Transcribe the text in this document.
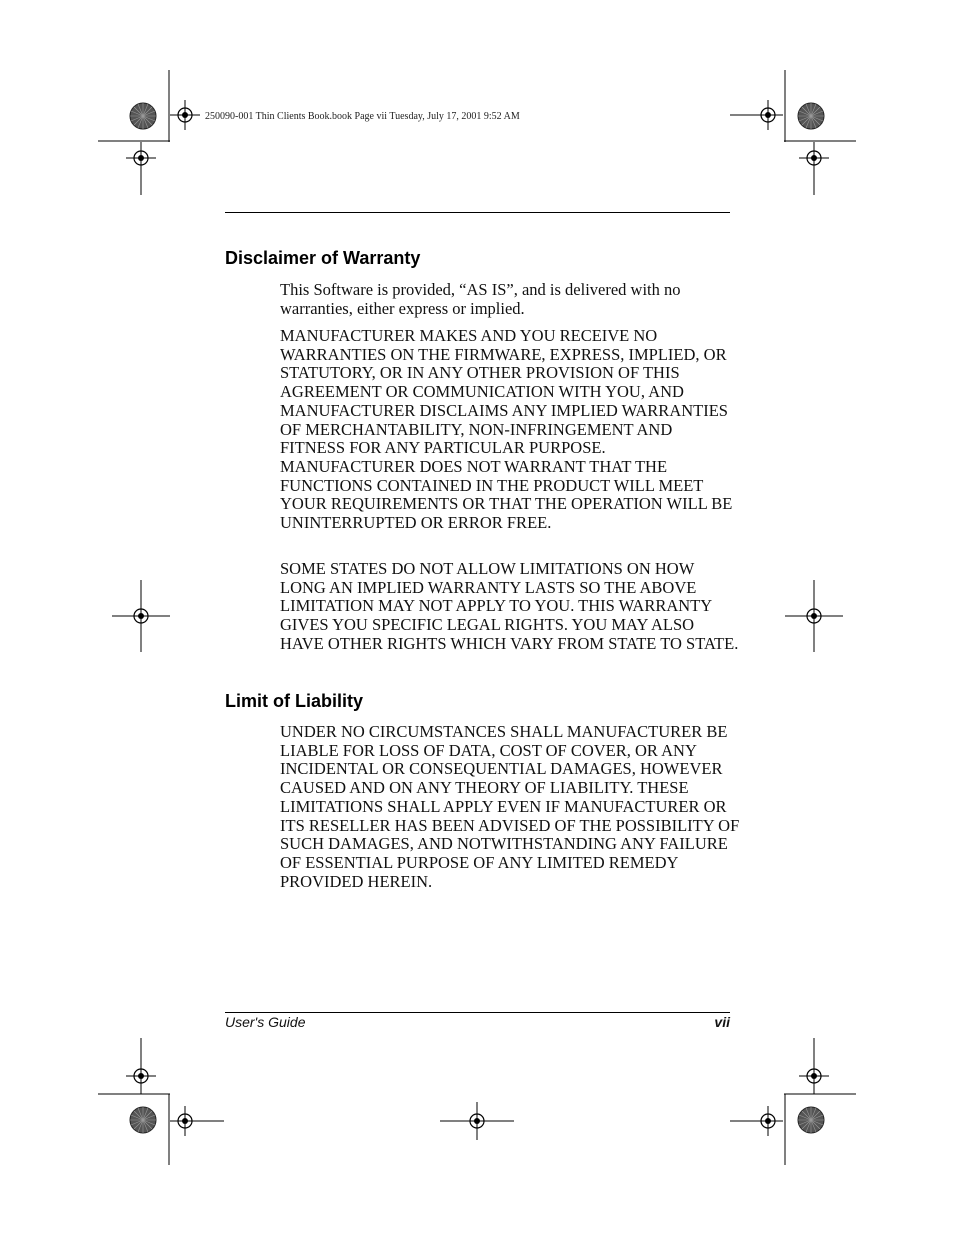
250090-001 Thin Clients Book.book Page vii Tuesday, July 17, 2001 9:52 AM
Disclaimer of Warranty

This Software is provided, “AS IS”, and is delivered with no warranties, either express or implied.

MANUFACTURER MAKES AND YOU RECEIVE NO WARRANTIES ON THE FIRMWARE, EXPRESS, IMPLIED, OR STATUTORY, OR IN ANY OTHER PROVISION OF THIS AGREEMENT OR COMMUNICATION WITH YOU, AND MANUFACTURER DISCLAIMS ANY IMPLIED WARRANTIES OF MERCHANTABILITY, NON-INFRINGEMENT AND FITNESS FOR ANY PARTICULAR PURPOSE. MANUFACTURER DOES NOT WARRANT THAT THE FUNCTIONS CONTAINED IN THE PRODUCT WILL MEET YOUR REQUIREMENTS OR THAT THE OPERATION WILL BE UNINTERRUPTED OR ERROR FREE.

SOME STATES DO NOT ALLOW LIMITATIONS ON HOW LONG AN IMPLIED WARRANTY LASTS SO THE ABOVE LIMITATION MAY NOT APPLY TO YOU. THIS WARRANTY GIVES YOU SPECIFIC LEGAL RIGHTS. YOU MAY ALSO HAVE OTHER RIGHTS WHICH VARY FROM STATE TO STATE.

Limit of Liability

UNDER NO CIRCUMSTANCES SHALL MANUFACTURER BE LIABLE FOR LOSS OF DATA, COST OF COVER, OR ANY INCIDENTAL OR CONSEQUENTIAL DAMAGES, HOWEVER CAUSED AND ON ANY THEORY OF LIABILITY. THESE LIMITATIONS SHALL APPLY EVEN IF MANUFACTURER OR ITS RESELLER HAS BEEN ADVISED OF THE POSSIBILITY OF SUCH DAMAGES, AND NOTWITHSTANDING ANY FAILURE OF ESSENTIAL PURPOSE OF ANY LIMITED REMEDY PROVIDED HEREIN.

User's Guide	vii
